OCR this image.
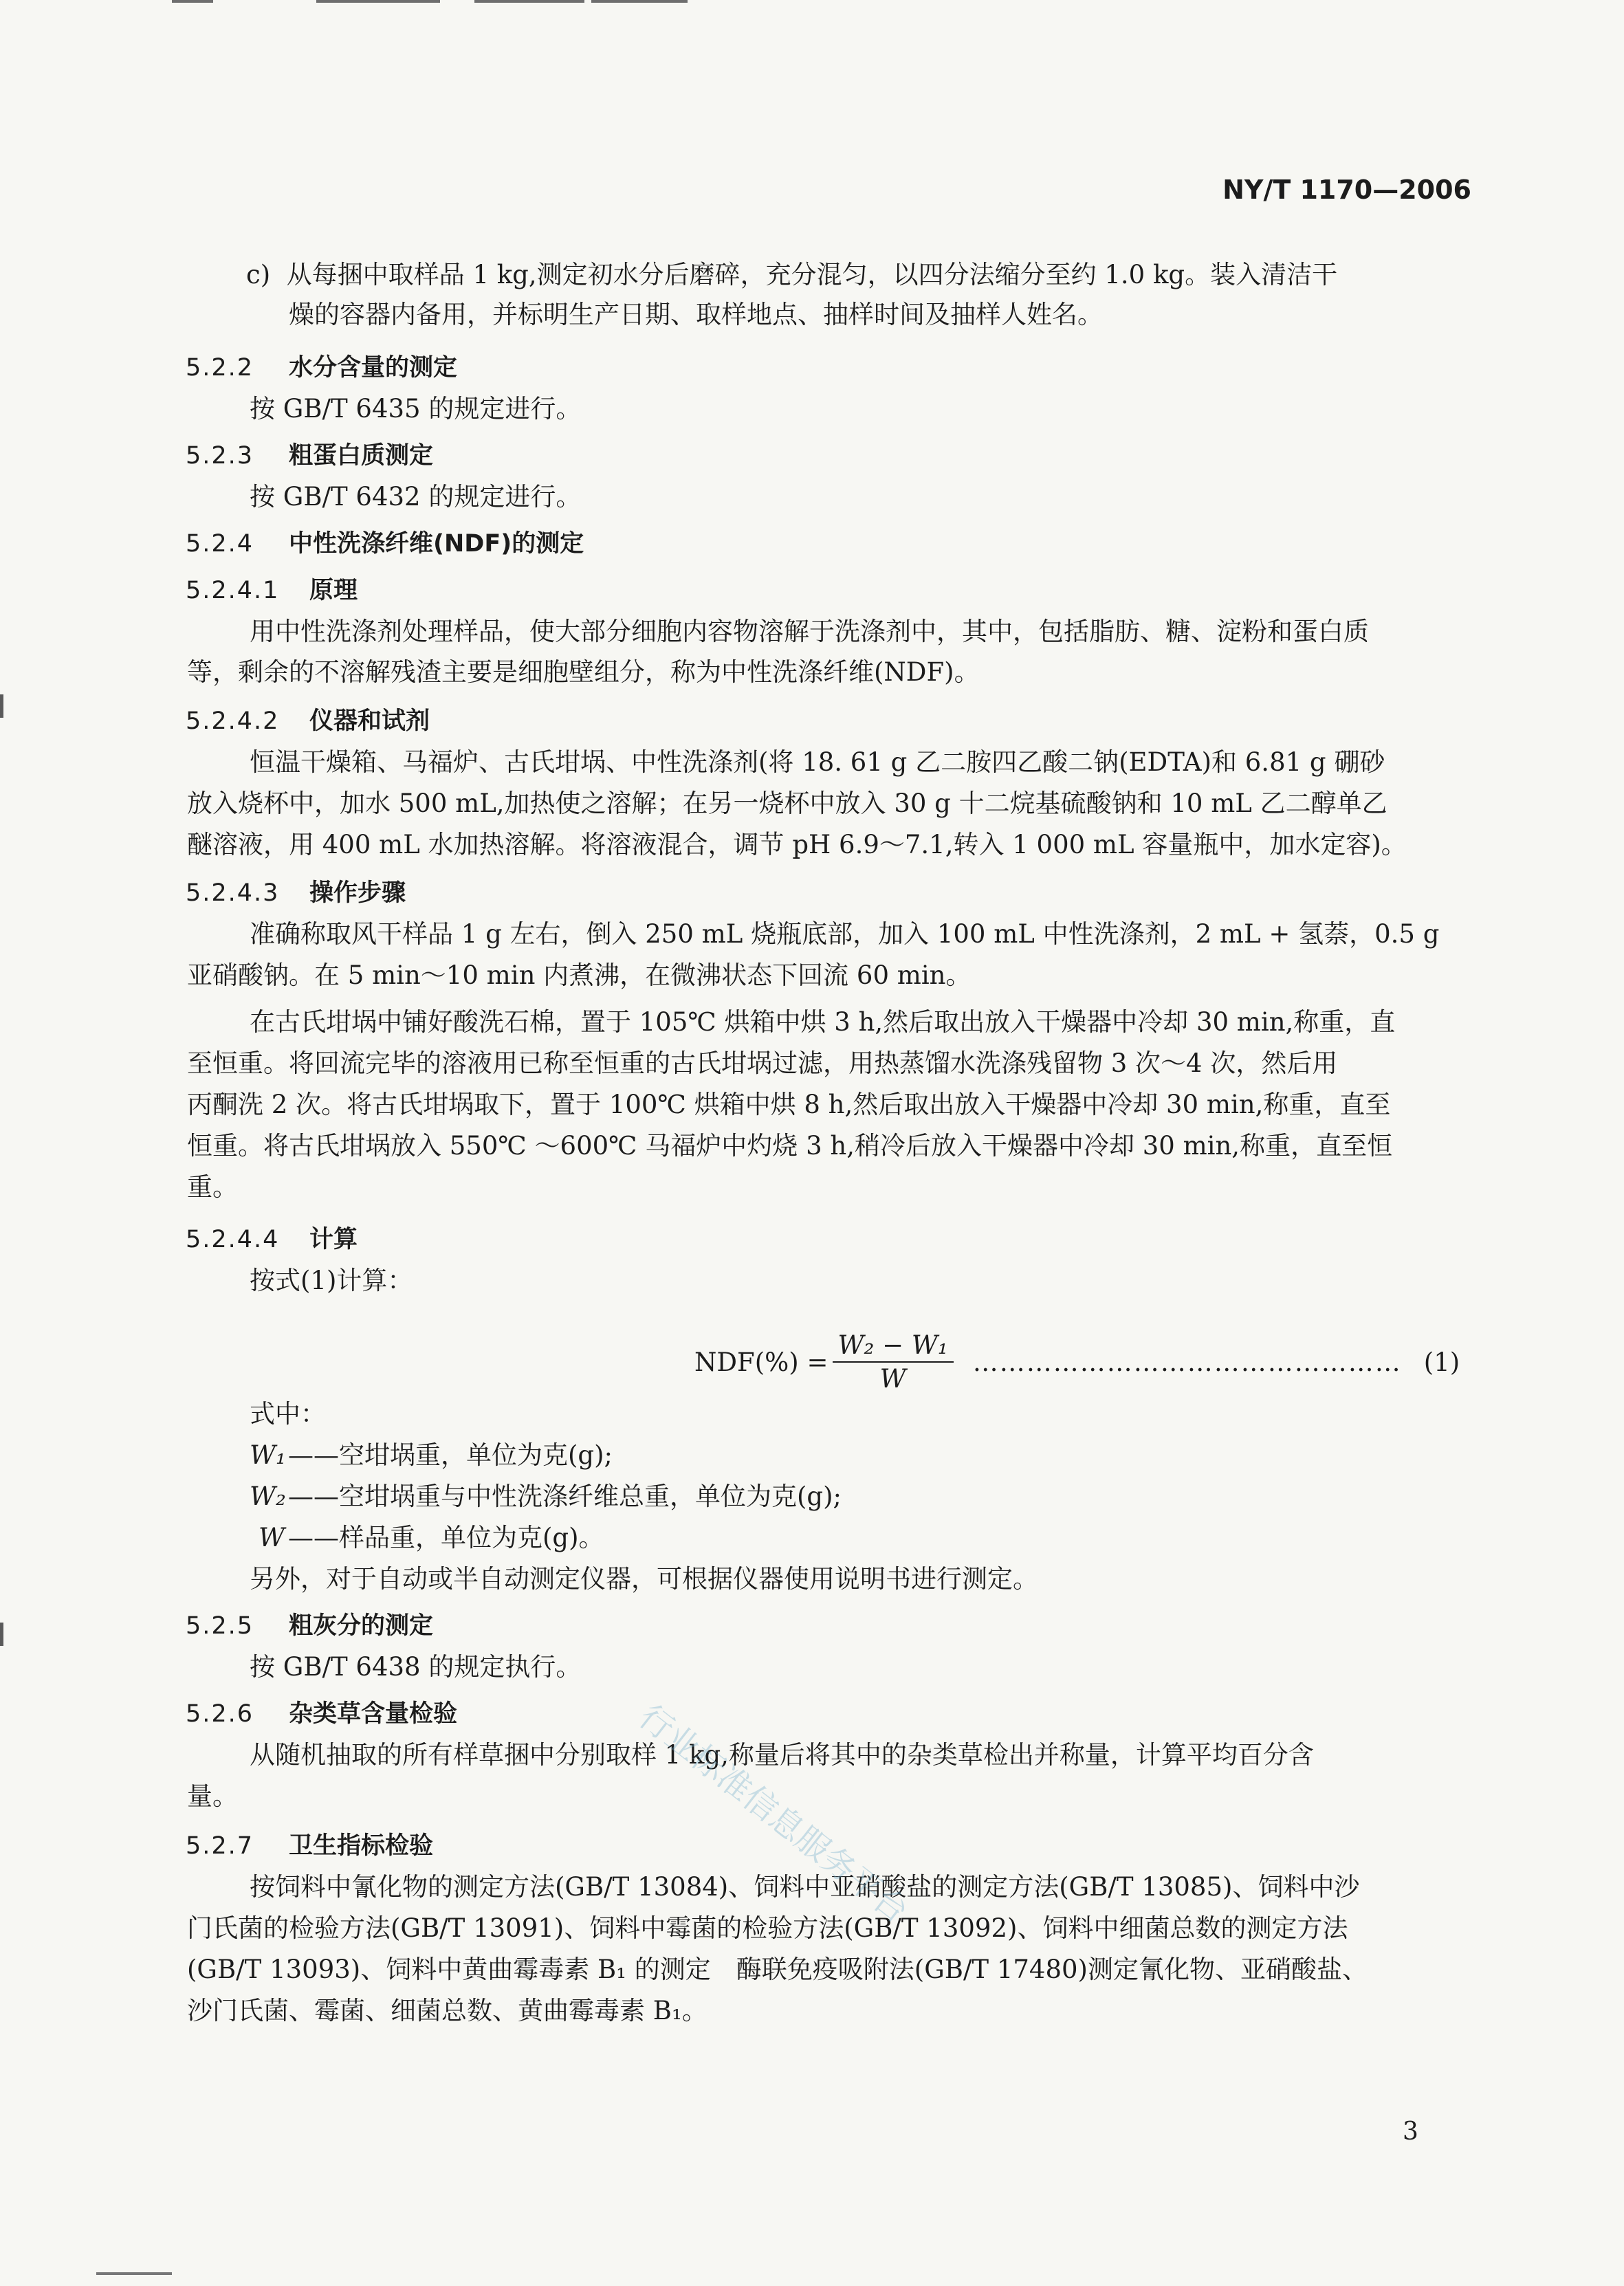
NY/T 1170—2006
c)  从每捆中取样品 1 kg,测定初水分后磨碎，充分混匀，以四分法缩分至约 1.0 kg。装入清洁干
燥的容器内备用，并标明生产日期、取样地点、抽样时间及抽样人姓名。
5.2.2 水分含量的测定
按 GB/T 6435 的规定进行。
5.2.3 粗蛋白质测定
按 GB/T 6432 的规定进行。
5.2.4 中性洗涤纤维(NDF)的测定
5.2.4.1 原理
用中性洗涤剂处理样品，使大部分细胞内容物溶解于洗涤剂中，其中，包括脂肪、糖、淀粉和蛋白质
等，剩余的不溶解残渣主要是细胞壁组分，称为中性洗涤纤维(NDF)。
5.2.4.2 仪器和试剂
恒温干燥箱、马福炉、古氏坩埚、中性洗涤剂(将 18. 61 g 乙二胺四乙酸二钠(EDTA)和 6.81 g 硼砂
放入烧杯中，加水 500 mL,加热使之溶解；在另一烧杯中放入 30 g 十二烷基硫酸钠和 10 mL 乙二醇单乙
醚溶液，用 400 mL 水加热溶解。将溶液混合，调节 pH 6.9～7.1,转入 1 000 mL 容量瓶中，加水定容)。
5.2.4.3 操作步骤
准确称取风干样品 1 g 左右，倒入 250 mL 烧瓶底部，加入 100 mL 中性洗涤剂，2 mL + 氢萘，0.5 g
亚硝酸钠。在 5 min～10 min 内煮沸，在微沸状态下回流 60 min。
在古氏坩埚中铺好酸洗石棉，置于 105℃ 烘箱中烘 3 h,然后取出放入干燥器中冷却 30 min,称重，直
至恒重。将回流完毕的溶液用已称至恒重的古氏坩埚过滤，用热蒸馏水洗涤残留物 3 次～4 次，然后用
丙酮洗 2 次。将古氏坩埚取下，置于 100℃ 烘箱中烘 8 h,然后取出放入干燥器中冷却 30 min,称重，直至
恒重。将古氏坩埚放入 550℃ ～600℃ 马福炉中灼烧 3 h,稍冷后放入干燥器中冷却 30 min,称重，直至恒
重。
5.2.4.4 计算
按式(1)计算：
$NDF(\%) = \frac{\text{W₂ − W₁}}{W}$ ………………………………………… (1)
式中：
W₁——空坩埚重，单位为克(g);
W₂——空坩埚重与中性洗涤纤维总重，单位为克(g);
W ——样品重，单位为克(g)。
另外，对于自动或半自动测定仪器，可根据仪器使用说明书进行测定。
5.2.5 粗灰分的测定
按 GB/T 6438 的规定执行。
5.2.6 杂类草含量检验
从随机抽取的所有样草捆中分别取样 1 kg,称量后将其中的杂类草检出并称量，计算平均百分含
量。
5.2.7 卫生指标检验
按饲料中氰化物的测定方法(GB/T 13084)、饲料中亚硝酸盐的测定方法(GB/T 13085)、饲料中沙
门氏菌的检验方法(GB/T 13091)、饲料中霉菌的检验方法(GB/T 13092)、饲料中细菌总数的测定方法
(GB/T 13093)、饲料中黄曲霉毒素 B₁ 的测定　酶联免疫吸附法(GB/T 17480)测定氰化物、亚硝酸盐、
沙门氏菌、霉菌、细菌总数、黄曲霉毒素 B₁。
行业标准信息服务平台
3
